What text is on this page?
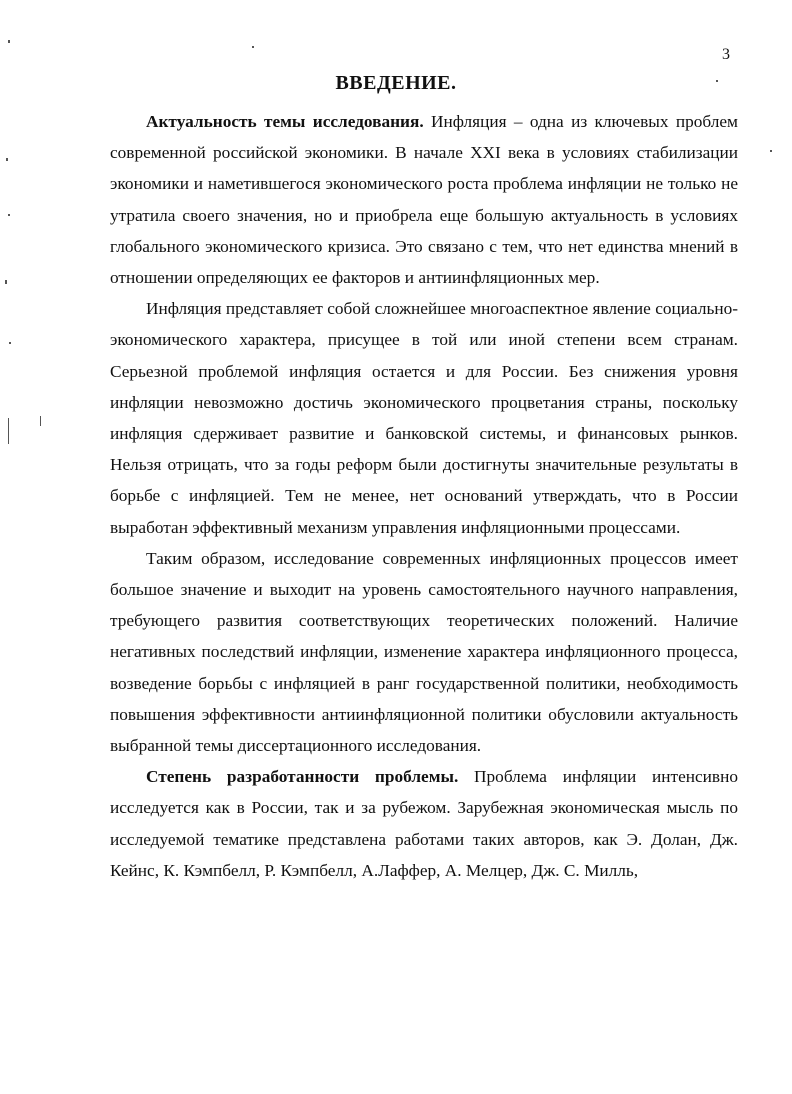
3
ВВЕДЕНИЕ.

Актуальность темы исследования. Инфляция – одна из ключевых проблем современной российской экономики. В начале XXI века в условиях стабилизации экономики и наметившегося экономического роста проблема инфляции не только не утратила своего значения, но и приобрела еще большую актуальность в условиях глобального экономического кризиса. Это связано с тем, что нет единства мнений в отношении определяющих ее факторов и антиинфляционных мер.

Инфляция представляет собой сложнейшее многоаспектное явление социально-экономического характера, присущее в той или иной степени всем странам. Серьезной проблемой инфляция остается и для России. Без снижения уровня инфляции невозможно достичь экономического процветания страны, поскольку инфляция сдерживает развитие и банковской системы, и финансовых рынков. Нельзя отрицать, что за годы реформ были достигнуты значительные результаты в борьбе с инфляцией. Тем не менее, нет оснований утверждать, что в России выработан эффективный механизм управления инфляционными процессами.

Таким образом, исследование современных инфляционных процессов имеет большое значение и выходит на уровень самостоятельного научного направления, требующего развития соответствующих теоретических положений. Наличие негативных последствий инфляции, изменение характера инфляционного процесса, возведение борьбы с инфляцией в ранг государственной политики, необходимость повышения эффективности антиинфляционной политики обусловили актуальность выбранной темы диссертационного исследования.

Степень разработанности проблемы. Проблема инфляции интенсивно исследуется как в России, так и за рубежом. Зарубежная экономическая мысль по исследуемой тематике представлена работами таких авторов, как Э. Долан, Дж. Кейнс, К. Кэмпбелл, Р. Кэмпбелл, А.Лаффер, А. Мелцер, Дж. С. Милль,
